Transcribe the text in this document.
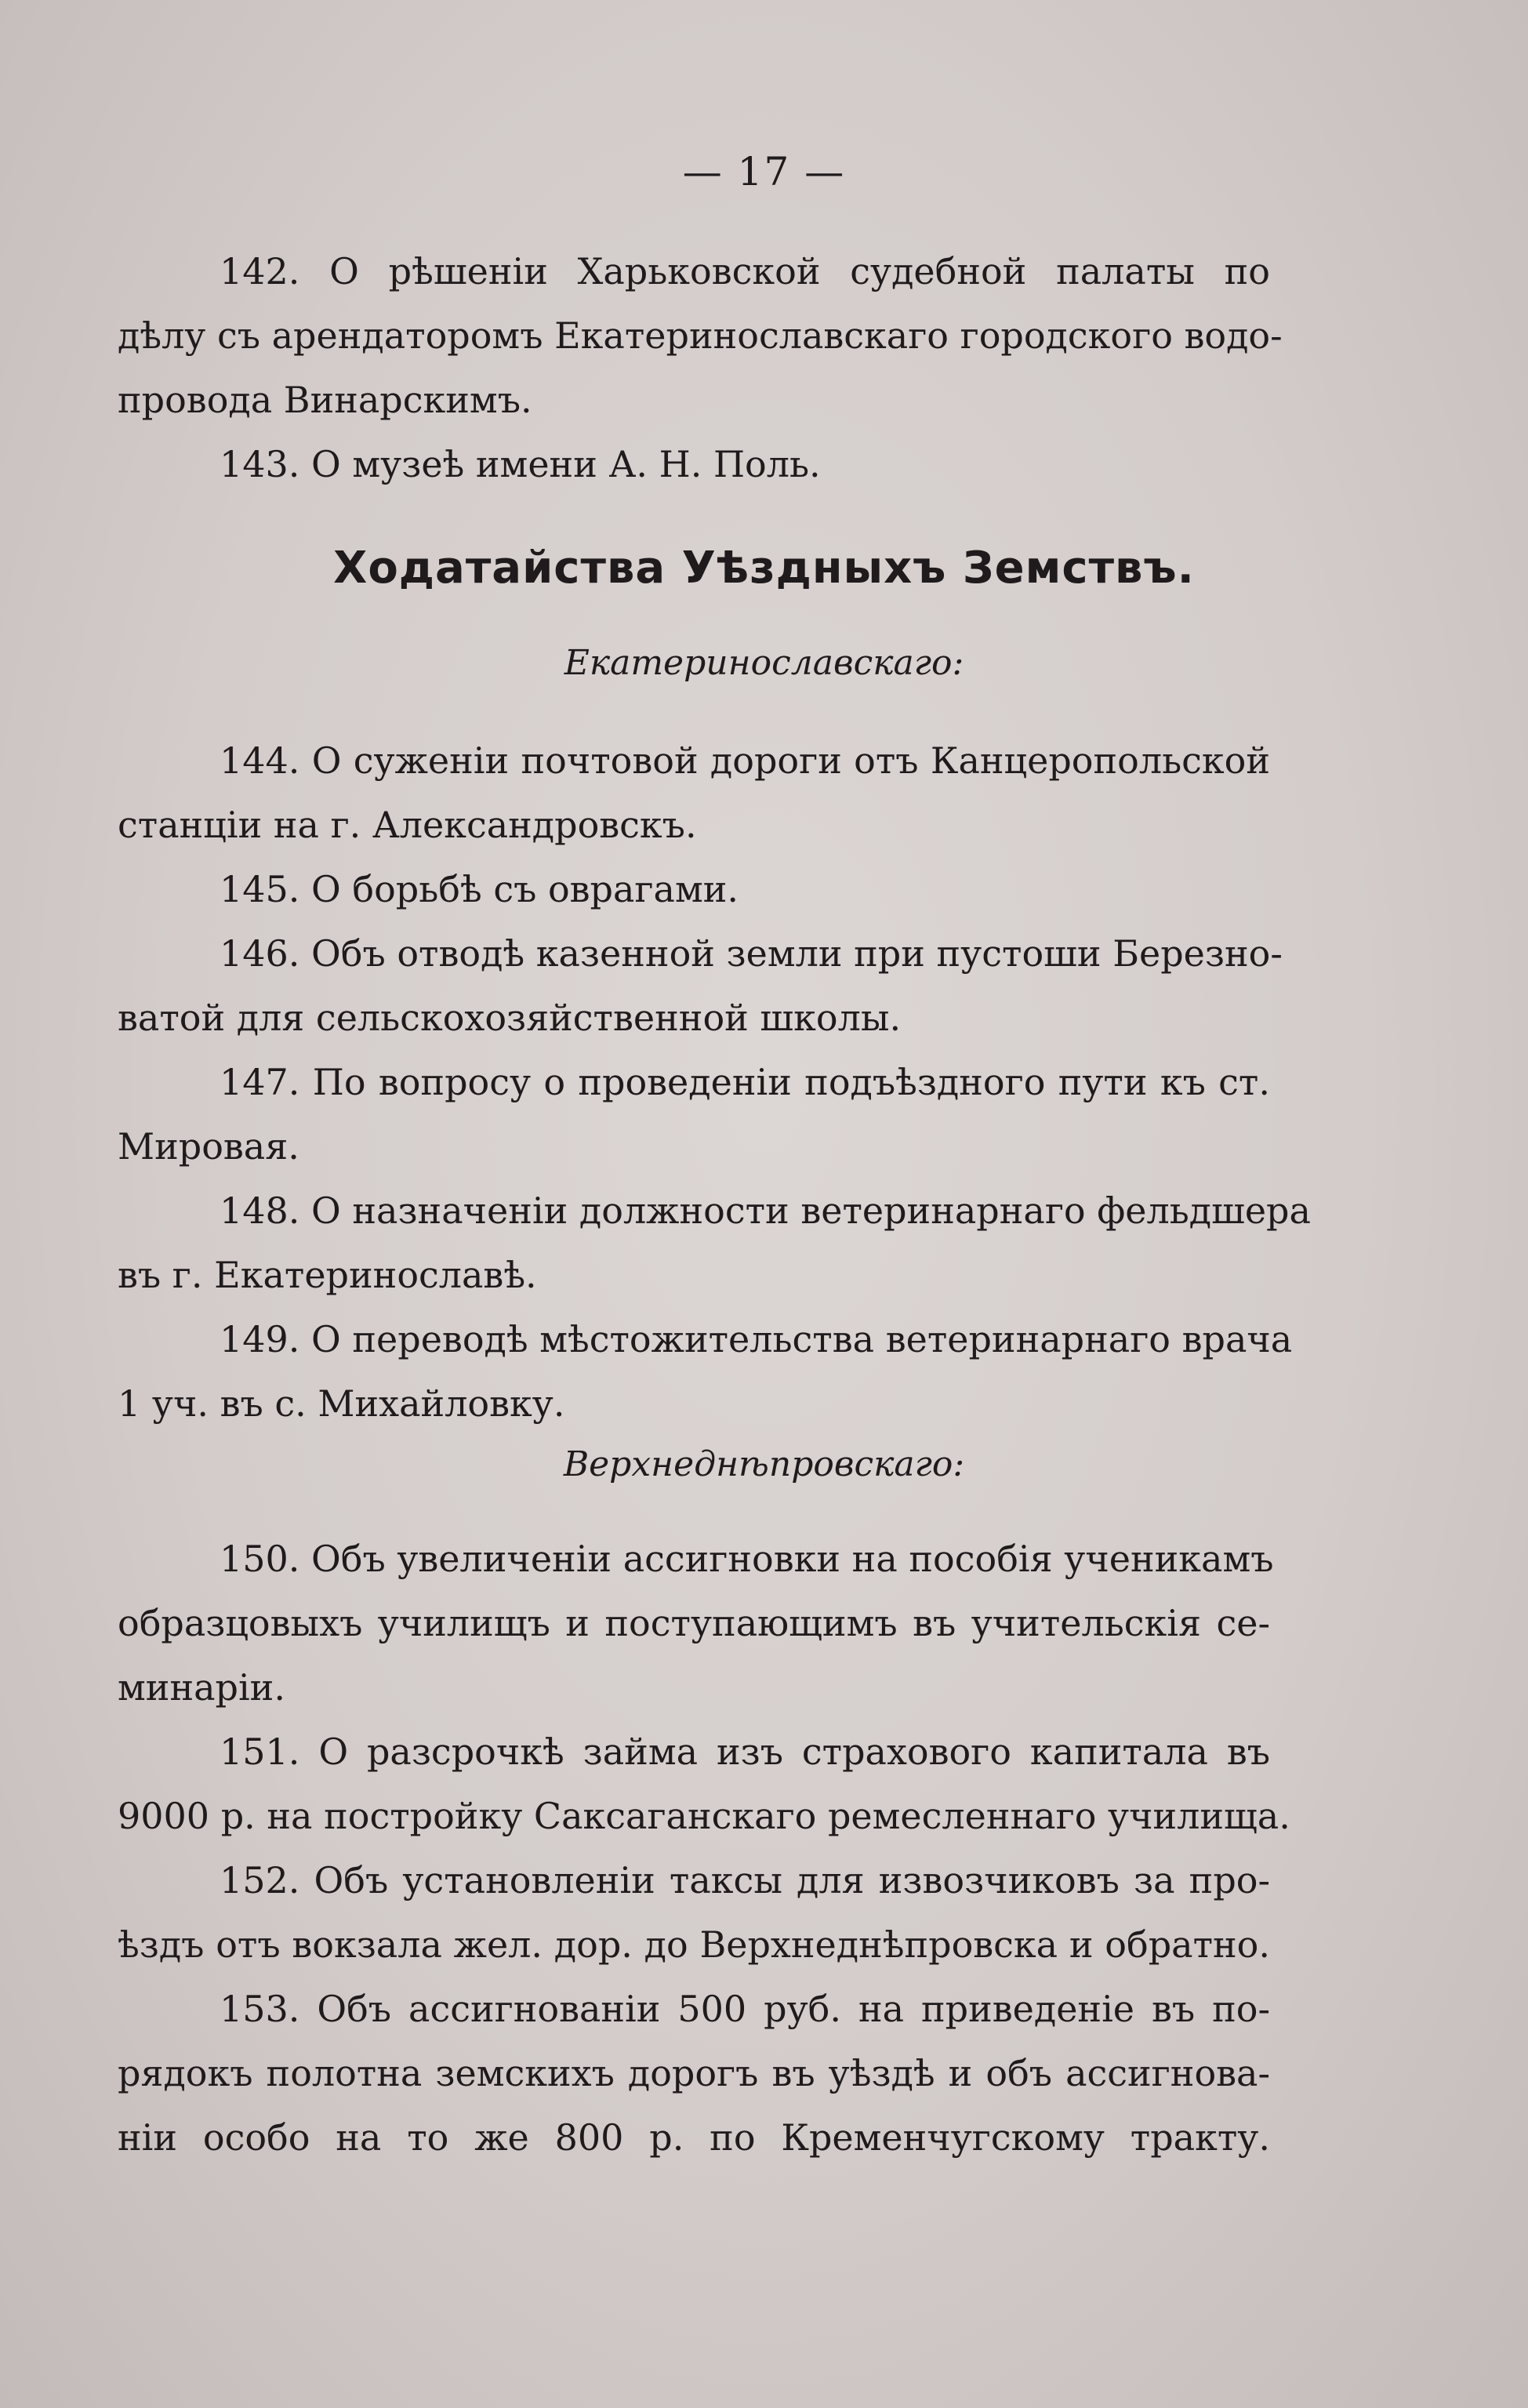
— 17 —
142. О рѣшеніи Харьковской судебной палаты по
дѣлу съ арендаторомъ Екатеринославскаго городского водо-
провода Винарскимъ.
143. О музеѣ имени А. Н. Поль.
Ходатайства Уѣздныхъ Земствъ.
Екатеринославскаго:
144. О суженіи почтовой дороги отъ Канцеропольской
станціи на г. Александровскъ.
145. О борьбѣ съ оврагами.
146. Объ отводѣ казенной земли при пустоши Березно-
ватой для сельскохозяйственной школы.
147. По вопросу о проведеніи подъѣздного пути къ ст.
Мировая.
148. О назначеніи должности ветеринарнаго фельдшера
въ г. Екатеринославѣ.
149. О переводѣ мѣстожительства ветеринарнаго врача
1 уч. въ с. Михайловку.
Верхнеднѣпровскаго:
150. Объ увеличеніи ассигновки на пособія ученикамъ
образцовыхъ училищъ и поступающимъ въ учительскія се-
минаріи.
151. О разсрочкѣ займа изъ страхового капитала въ
9000 р. на постройку Саксаганскаго ремесленнаго училища.
152. Объ установленіи таксы для извозчиковъ за про-
ѣздъ отъ вокзала жел. дор. до Верхнеднѣпровска и обратно.
153. Объ ассигнованіи 500 руб. на приведеніе въ по-
рядокъ полотна земскихъ дорогъ въ уѣздѣ и объ ассигнова-
ніи особо на то же 800 р. по Кременчугскому тракту.
